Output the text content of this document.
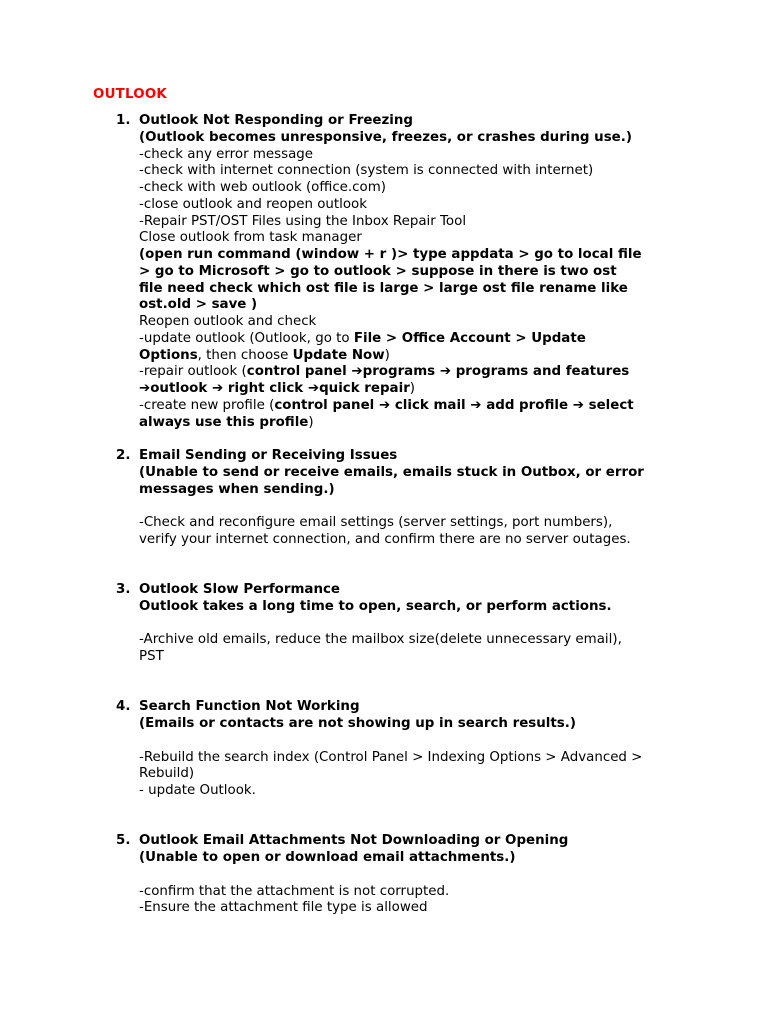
OUTLOOK
1. Outlook Not Responding or Freezing
(Outlook becomes unresponsive, freezes, or crashes during use.)
-check any error message
-check with internet connection (system is connected with internet)
-check with web outlook (office.com)
-close outlook and reopen outlook
-Repair PST/OST Files using the Inbox Repair Tool
Close outlook from task manager
(open run command (window + r )> type appdata > go to local file
> go to Microsoft > go to outlook > suppose in there is two ost
file need check which ost file is large > large ost file rename like
ost.old > save )
Reopen outlook and check
-update outlook (Outlook, go to File > Office Account > Update
Options, then choose Update Now)
-repair outlook (control panel ➔programs ➔ programs and features
➔outlook ➔ right click ➔quick repair)
-create new profile (control panel ➔ click mail ➔ add profile ➔ select
always use this profile)
2. Email Sending or Receiving Issues
(Unable to send or receive emails, emails stuck in Outbox, or error
messages when sending.)
-Check and reconfigure email settings (server settings, port numbers),
verify your internet connection, and confirm there are no server outages.
3. Outlook Slow Performance
Outlook takes a long time to open, search, or perform actions.
-Archive old emails, reduce the mailbox size(delete unnecessary email),
PST
4. Search Function Not Working
(Emails or contacts are not showing up in search results.)
-Rebuild the search index (Control Panel > Indexing Options > Advanced >
Rebuild)
- update Outlook.
5. Outlook Email Attachments Not Downloading or Opening
(Unable to open or download email attachments.)
-confirm that the attachment is not corrupted.
-Ensure the attachment file type is allowed
